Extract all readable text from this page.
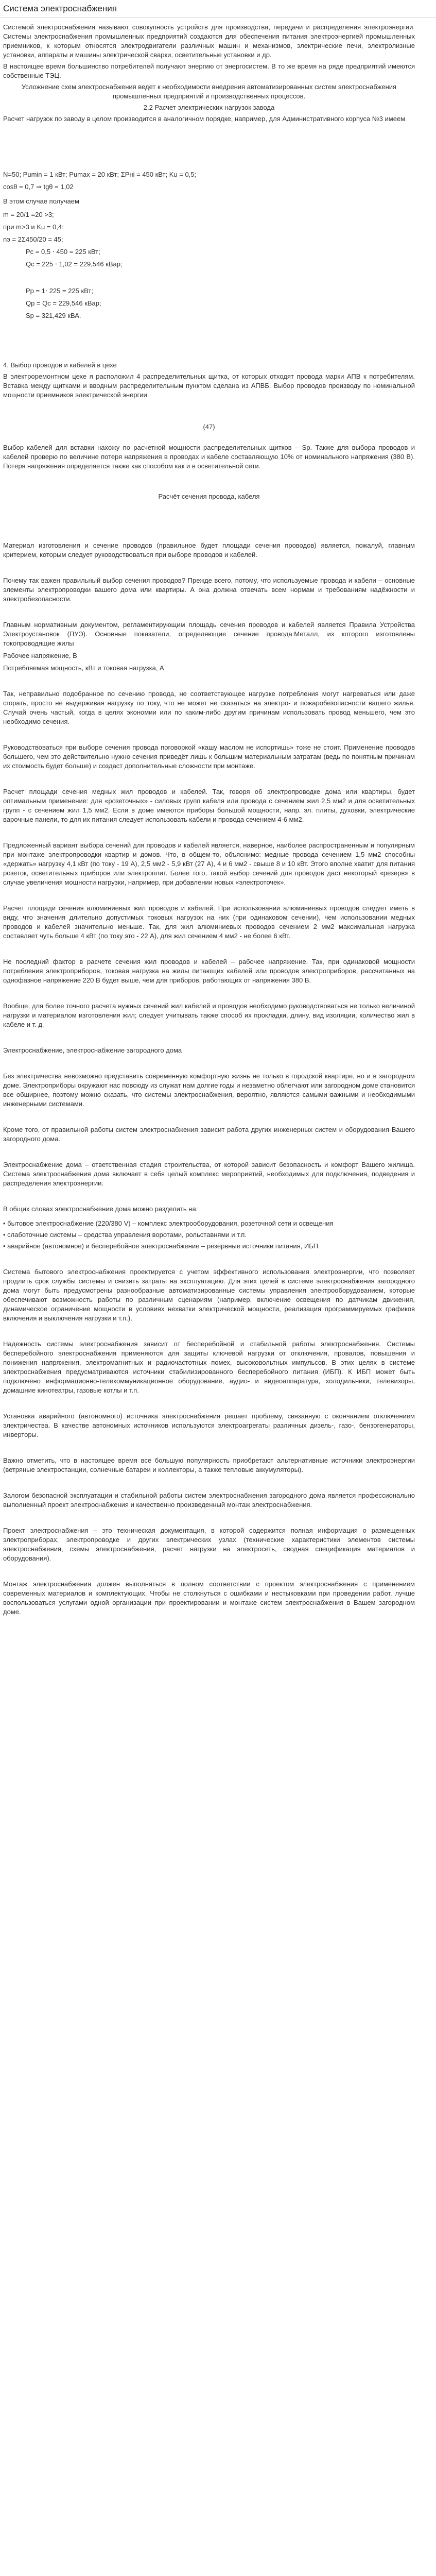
Система электроснабжения

Системой электроснабжения называют совокупность устройств для производства, передачи и распределения электроэнергии. Системы электроснабжения промышленных предприятий создаются для обеспечения питания электроэнергией промышленных приемников, к которым относятся электродвигатели различных машин и механизмов, электрические печи, электролизные установки, аппараты и машины электрической сварки, осветительные установки и др.

В настоящее время большинство потребителей получают энергию от энергосистем. В то же время на ряде предприятий имеются собственные ТЭЦ.

Усложнение схем электроснабжения ведет к необходимости внедрения автоматизированных систем электроснабжения промышленных предприятий и производственных процессов.

2.2 Расчет электрических нагрузок завода

Расчет нагрузок по заводу в целом производится в аналогичном порядке, например, для Административного корпуса №3 имеем

N=50; Pumin = 1 кВт; Pumax = 20 кВт; ΣPнi = 450 кВт; Ku = 0,5;

cosθ = 0,7 ⇒ tgθ = 1,02

В этом случае получаем

m = 20/1 =20 >3;

при m>3 и Ku = 0,4:

nэ = 2Σ450/20 = 45;

Pc = 0,5 ⋅ 450 = 225 кВт;

Qc = 225 ⋅ 1,02 = 229,546 кВар;

Pp = 1⋅ 225 = 225 кВт;

Qp = Qc = 229,546 кВар;

Sp = 321,429 кВА.

4. Выбор проводов и кабелей в цехе

В электроремонтном цехе я расположил 4 распределительных щитка, от которых отходят провода марки АПВ к потребителям. Вставка между щитками и вводным распределительным пунктом сделана из АПВБ. Выбор проводов производу по номинальной мощности приемников электрической энергии.

(47)

Выбор кабелей для вставки нахожу по расчетной мощности распределительных щитков – Sp. Также для выбора проводов и кабелей проверю по величине потеря напряжения в проводах и кабеле составляющую 10% от номинального напряжения (380 В). Потеря напряжения определяется также как способом как и в осветительной сети.

Расчёт сечения провода, кабеля

Материал изготовления и сечение проводов (правильное будет площади сечения проводов) является, пожалуй, главным критерием, которым следует руководствоваться при выборе проводов и кабелей.

Почему так важен правильный выбор сечения проводов? Прежде всего, потому, что используемые провода и кабели – основные элементы электропроводки вашего дома или квартиры. А она должна отвечать всем нормам и требованиям надёжности и электробезопасности.

Главным нормативным документом, регламентирующим площадь сечения проводов и кабелей является Правила Устройства Электроустановок (ПУЭ). Основные показатели, определяющие сечение провода:Металл, из которого изготовлены токопроводящие жилы

Рабочее напряжение, В

Потребляемая мощность, кВт и токовая нагрузка, А

Так, неправильно подобранное по сечению провода, не соответствующее нагрузке потребления могут нагреваться или даже сгорать, просто не выдерживая нагрузку по току, что не может не сказаться на электро- и пожаробезопасности вашего жилья. Случай очень частый, когда в целях экономии или по каким-либо другим причинам использовать провод меньшего, чем это необходимо сечения.

Руководствоваться при выборе сечения провода поговоркой «кашу маслом не испортишь» тоже не стоит. Применение проводов большего, чем это действительно нужно сечения приведёт лишь к большим материальным затратам (ведь по понятным причинам их стоимость будет больше) и создаст дополнительные сложности при монтаже.

Расчет площади сечения медных жил проводов и кабелей. Так, говоря об электропроводке дома или квартиры, будет оптимальным применение: для «розеточных» - силовых групп кабеля или провода с сечением жил 2,5 мм2 и для осветительных групп - с сечением жил 1,5 мм2. Если в доме имеются приборы большой мощности, напр. эл. плиты, духовки, электрические варочные панели, то для их питания следует использовать кабели и провода сечением 4-6 мм2.

Предложенный вариант выбора сечений для проводов и кабелей является, наверное, наиболее распространенным и популярным при монтаже электропроводки квартир и домов. Что, в общем-то, объяснимо: медные провода сечением 1,5 мм2 способны «держать» нагрузку 4,1 кВт (по току - 19 А), 2,5 мм2 - 5,9 кВт (27 А), 4 и 6 мм2 - свыше 8 и 10 кВт. Этого вполне хватит для питания розеток, осветительных приборов или электроплит. Более того, такой выбор сечений для проводов даст некоторый «резерв» в случае увеличения мощности нагрузки, например, при добавлении новых «электроточек».

Расчет площади сечения алюминиевых жил проводов и кабелей. При использовании алюминиевых проводов следует иметь в виду, что значения длительно допустимых токовых нагрузок на них (при одинаковом сечении), чем использовании медных проводов и кабелей значительно меньше. Так, для жил алюминиевых проводов сечением 2 мм2 максимальная нагрузка составляет чуть больше 4 кВт (по току это - 22 А), для жил сечением 4 мм2 - не более 6 кВт.

Не последний фактор в расчете сечения жил проводов и кабелей – рабочее напряжение. Так, при одинаковой мощности потребления электроприборов, токовая нагрузка на жилы питающих кабелей или проводов электроприборов, рассчитанных на однофазное напряжение 220 В будет выше, чем для приборов, работающих от напряжения 380 В.

Вообще, для более точного расчета нужных сечений жил кабелей и проводов необходимо руководствоваться не только величиной нагрузки и материалом изготовления жил; следует учитывать также способ их прокладки, длину, вид изоляции, количество жил в кабеле и т. д.

Электроснабжение, электроснабжение загородного дома

Без электричества невозможно представить современную комфортную жизнь не только в городской квартире, но и в загородном доме. Электроприборы окружают нас повсюду из служат нам долгие годы и незаметно облегчают или загородном доме становится все обширнее, поэтому можно сказать, что системы электроснабжения, вероятно, являются самыми важными и необходимыми инженерными системами.

Кроме того, от правильной работы систем электроснабжения зависит работа других инженерных систем и оборудования Вашего загородного дома.

Электроснабжение дома – ответственная стадия строительства, от которой зависит безопасность и комфорт Вашего жилища. Система электроснабжения дома включает в себя целый комплекс мероприятий, необходимых для подключения, подведения и распределения электроэнергии.

В общих словах электроснабжение дома можно разделить на:

• бытовое электроснабжение (220/380 V) – комплекс электрооборудования, розеточной сети и освещения
• слаботочные системы – средства управления воротами, рольставнями и т.п.
• аварийное (автономное) и бесперебойное электроснабжение – резервные источники питания, ИБП

Система бытового электроснабжения проектируется с учетом эффективного использования электроэнергии, что позволяет продлить срок службы системы и снизить затраты на эксплуатацию. Для этих целей в системе электроснабжения загородного дома могут быть предусмотрены разнообразные автоматизированные системы управления электрооборудованием, которые обеспечивают возможность работы по различным сценариям (например, включение освещения по датчикам движения, динамическое ограничение мощности в условиях нехватки электрической мощности, реализация программируемых графиков включения и выключения нагрузки и т.п.).

Надежность системы электроснабжения зависит от бесперебойной и стабильной работы электроснабжения. Системы бесперебойного электроснабжения применяются для защиты ключевой нагрузки от отключения, провалов, повышения и понижения напряжения, электромагнитных и радиочастотных помех, высоковольтных импульсов. В этих целях в системе электроснабжения предусматриваются источники стабилизированного бесперебойного питания (ИБП). К ИБП может быть подключено информационно-телекоммуникационное оборудование, аудио- и видеоаппаратура, холодильники, телевизоры, домашние кинотеатры, газовые котлы и т.п.

Установка аварийного (автономного) источника электроснабжения решает проблему, связанную с окончанием отключением электричества. В качестве автономных источников используются электроагрегаты различных дизель-, газо-, бензогенераторы, инверторы.

Важно отметить, что в настоящее время все большую популярность приобретают альтернативные источники электроэнергии (ветряные электростанции, солнечные батареи и коллекторы, а также тепловые аккумуляторы).

Залогом безопасной эксплуатации и стабильной работы систем электроснабжения загородного дома является профессионально выполненный проект электроснабжения и качественно произведенный монтаж электроснабжения.

Проект электроснабжения – это техническая документация, в которой содержится полная информация о размещенных электроприборах, электропроводке и других электрических узлах (технические характеристики элементов системы электроснабжения, схемы электроснабжения, расчет нагрузки на электросеть, сводная спецификация материалов и оборудования).

Монтаж электроснабжения должен выполняться в полном соответствии с проектом электроснабжения с применением современных материалов и комплектующих. Чтобы не столкнуться с ошибками и нестыковками при проведении работ, лучше воспользоваться услугами одной организации при проектировании и монтаже систем электроснабжения в Вашем загородном доме.
